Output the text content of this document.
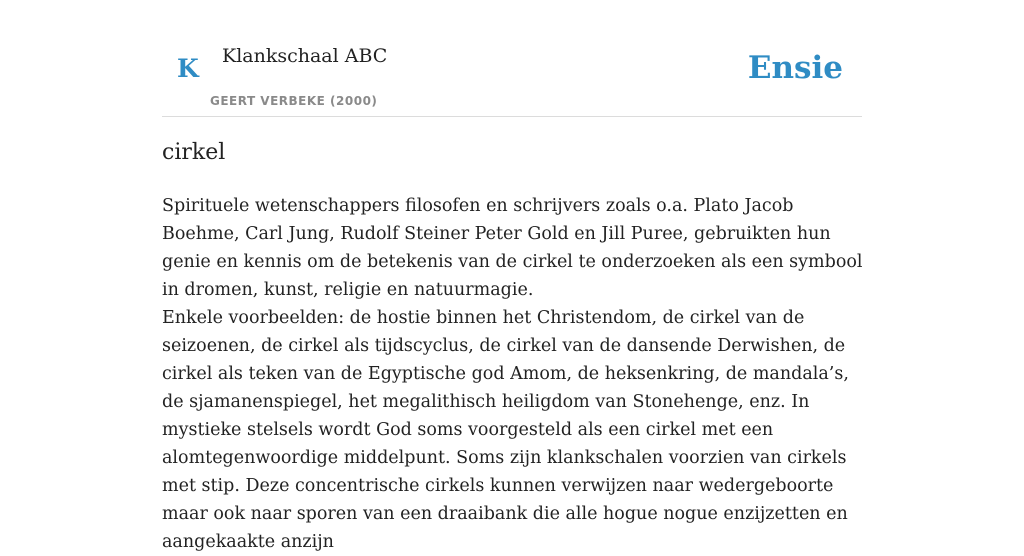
K Klankschaal ABC
GEERT VERBEKE (2000)
Ensie
cirkel

Spirituele wetenschappers filosofen en schrijvers zoals o.a. Plato Jacob Boehme, Carl Jung, Rudolf Steiner Peter Gold en Jill Puree, gebruikten hun genie en kennis om de betekenis van de cirkel te onderzoeken als een symbool in dromen, kunst, religie en natuurmagie.

Enkele voorbeelden: de hostie binnen het Christendom, de cirkel van de seizoenen, de cirkel als tijdscyclus, de cirkel van de dansende Derwishen, de cirkel als teken van de Egyptische god Amom, de heksenkring, de mandala’s, de sjamanenspiegel, het megalithisch heiligdom van Stonehenge, enz. In mystieke stelsels wordt God soms voorgesteld als een cirkel met een alomtegenwoordige middelpunt. Soms zijn klankschalen voorzien van cirkels met stip. Deze concentrische cirkels kunnen verwijzen naar wedergeboorte maar ook naar sporen van een draaibank die alle hogue nogue enzijzetten en aangekaakte anzijn
